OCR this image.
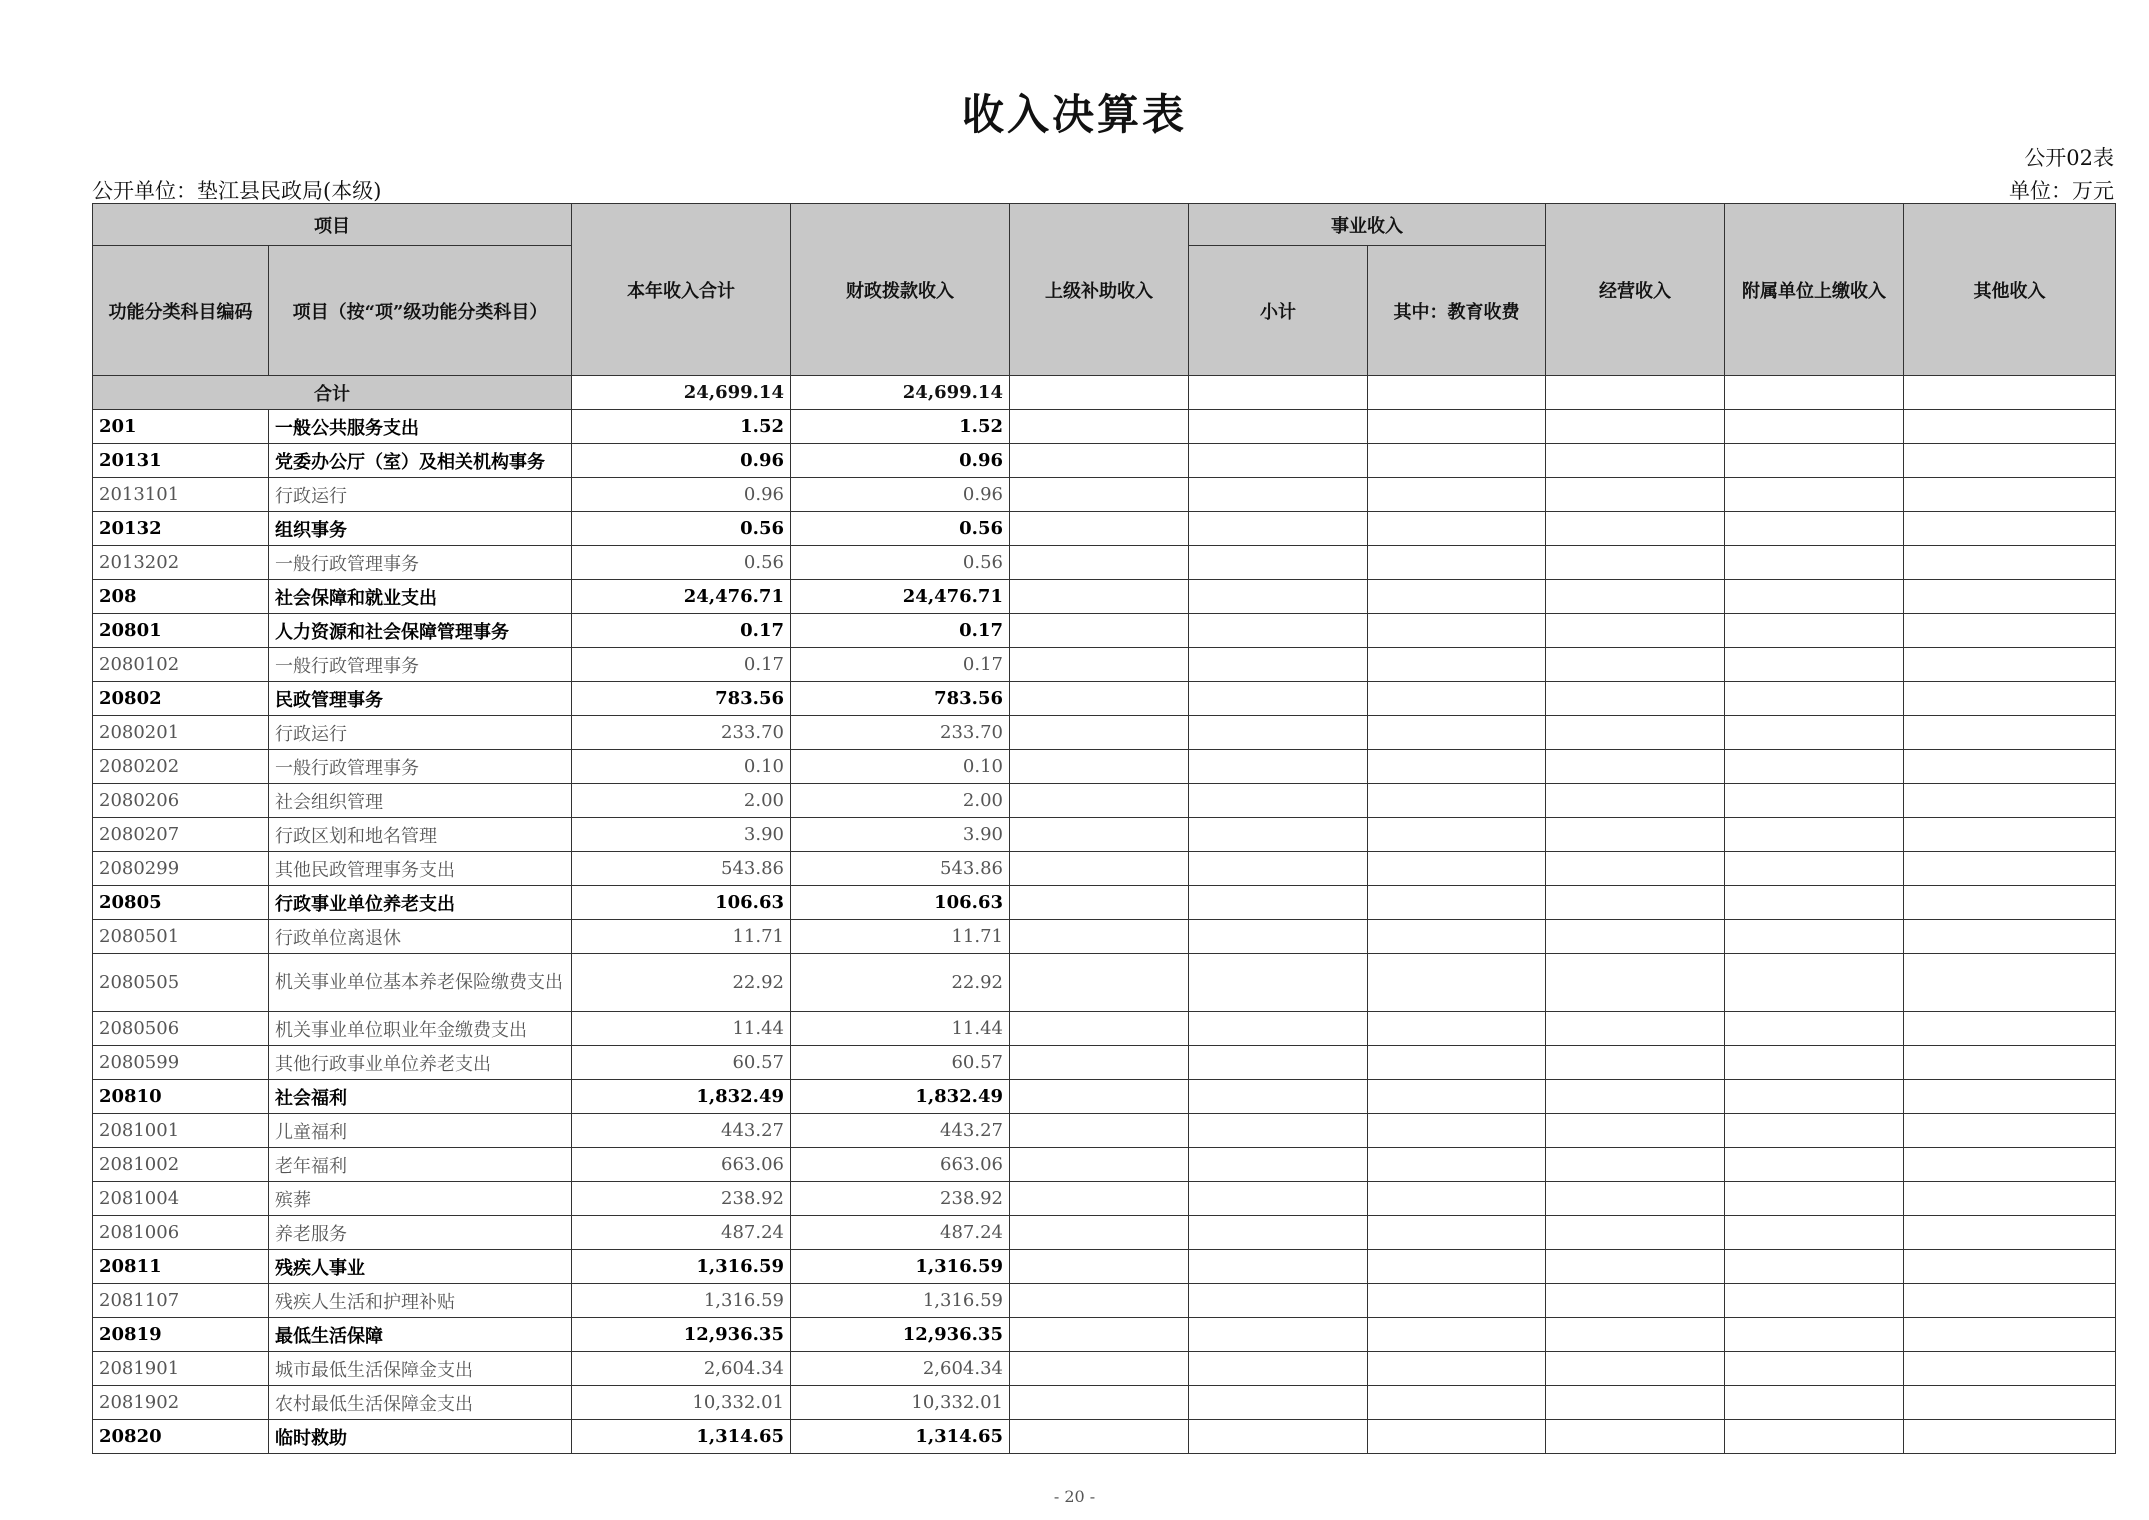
收入决算表
公开02表
公开单位：垫江县民政局(本级)	单位：万元
项目		本年收入合计	财政拨款收入	上级补助收入	事业收入		经营收入	附属单位上缴收入	其他收入
功能分类科目编码	项目（按“项”级功能分类科目）				小计	其中：教育收费			
合计		24,699.14	24,699.14						
201	一般公共服务支出	1.52	1.52						
20131	党委办公厅（室）及相关机构事务	0.96	0.96						
2013101	行政运行	0.96	0.96						
20132	组织事务	0.56	0.56						
2013202	一般行政管理事务	0.56	0.56						
208	社会保障和就业支出	24,476.71	24,476.71						
20801	人力资源和社会保障管理事务	0.17	0.17						
2080102	一般行政管理事务	0.17	0.17						
20802	民政管理事务	783.56	783.56						
2080201	行政运行	233.70	233.70						
2080202	一般行政管理事务	0.10	0.10						
2080206	社会组织管理	2.00	2.00						
2080207	行政区划和地名管理	3.90	3.90						
2080299	其他民政管理事务支出	543.86	543.86						
20805	行政事业单位养老支出	106.63	106.63						
2080501	行政单位离退休	11.71	11.71						
2080505	机关事业单位基本养老保险缴费支出	22.92	22.92						
2080506	机关事业单位职业年金缴费支出	11.44	11.44						
2080599	其他行政事业单位养老支出	60.57	60.57						
20810	社会福利	1,832.49	1,832.49						
2081001	儿童福利	443.27	443.27						
2081002	老年福利	663.06	663.06						
2081004	殡葬	238.92	238.92						
2081006	养老服务	487.24	487.24						
20811	残疾人事业	1,316.59	1,316.59						
2081107	残疾人生活和护理补贴	1,316.59	1,316.59						
20819	最低生活保障	12,936.35	12,936.35						
2081901	城市最低生活保障金支出	2,604.34	2,604.34						
2081902	农村最低生活保障金支出	10,332.01	10,332.01						
20820	临时救助	1,314.65	1,314.65						
- 20 -
